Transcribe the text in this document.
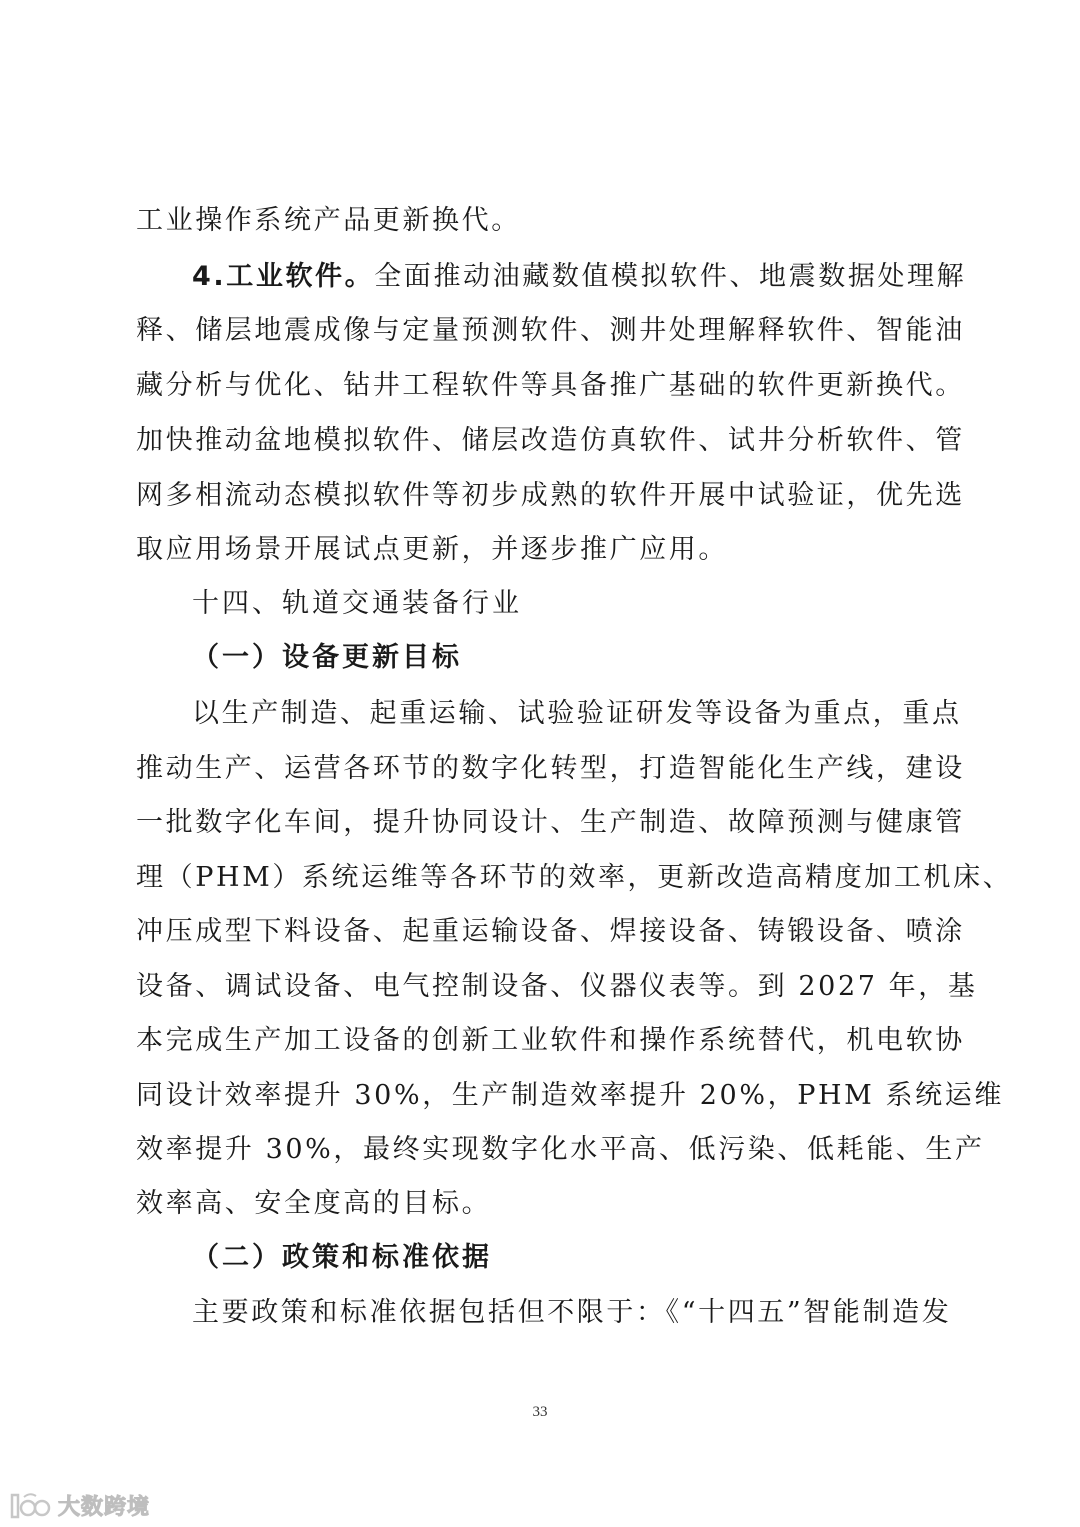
工业操作系统产品更新换代。
4.工业软件。全面推动油藏数值模拟软件、地震数据处理解
释、储层地震成像与定量预测软件、测井处理解释软件、智能油
藏分析与优化、钻井工程软件等具备推广基础的软件更新换代。
加快推动盆地模拟软件、储层改造仿真软件、试井分析软件、管
网多相流动态模拟软件等初步成熟的软件开展中试验证，优先选
取应用场景开展试点更新，并逐步推广应用。
十四、轨道交通装备行业
（一）设备更新目标
以生产制造、起重运输、试验验证研发等设备为重点，重点
推动生产、运营各环节的数字化转型，打造智能化生产线，建设
一批数字化车间，提升协同设计、生产制造、故障预测与健康管
理（PHM）系统运维等各环节的效率，更新改造高精度加工机床、
冲压成型下料设备、起重运输设备、焊接设备、铸锻设备、喷涂
设备、调试设备、电气控制设备、仪器仪表等。到 2027 年，基
本完成生产加工设备的创新工业软件和操作系统替代，机电软协
同设计效率提升 30%，生产制造效率提升 20%，PHM 系统运维
效率提升 30%，最终实现数字化水平高、低污染、低耗能、生产
效率高、安全度高的目标。
（二）政策和标准依据
主要政策和标准依据包括但不限于：《“十四五”智能制造发
33
大数跨境
